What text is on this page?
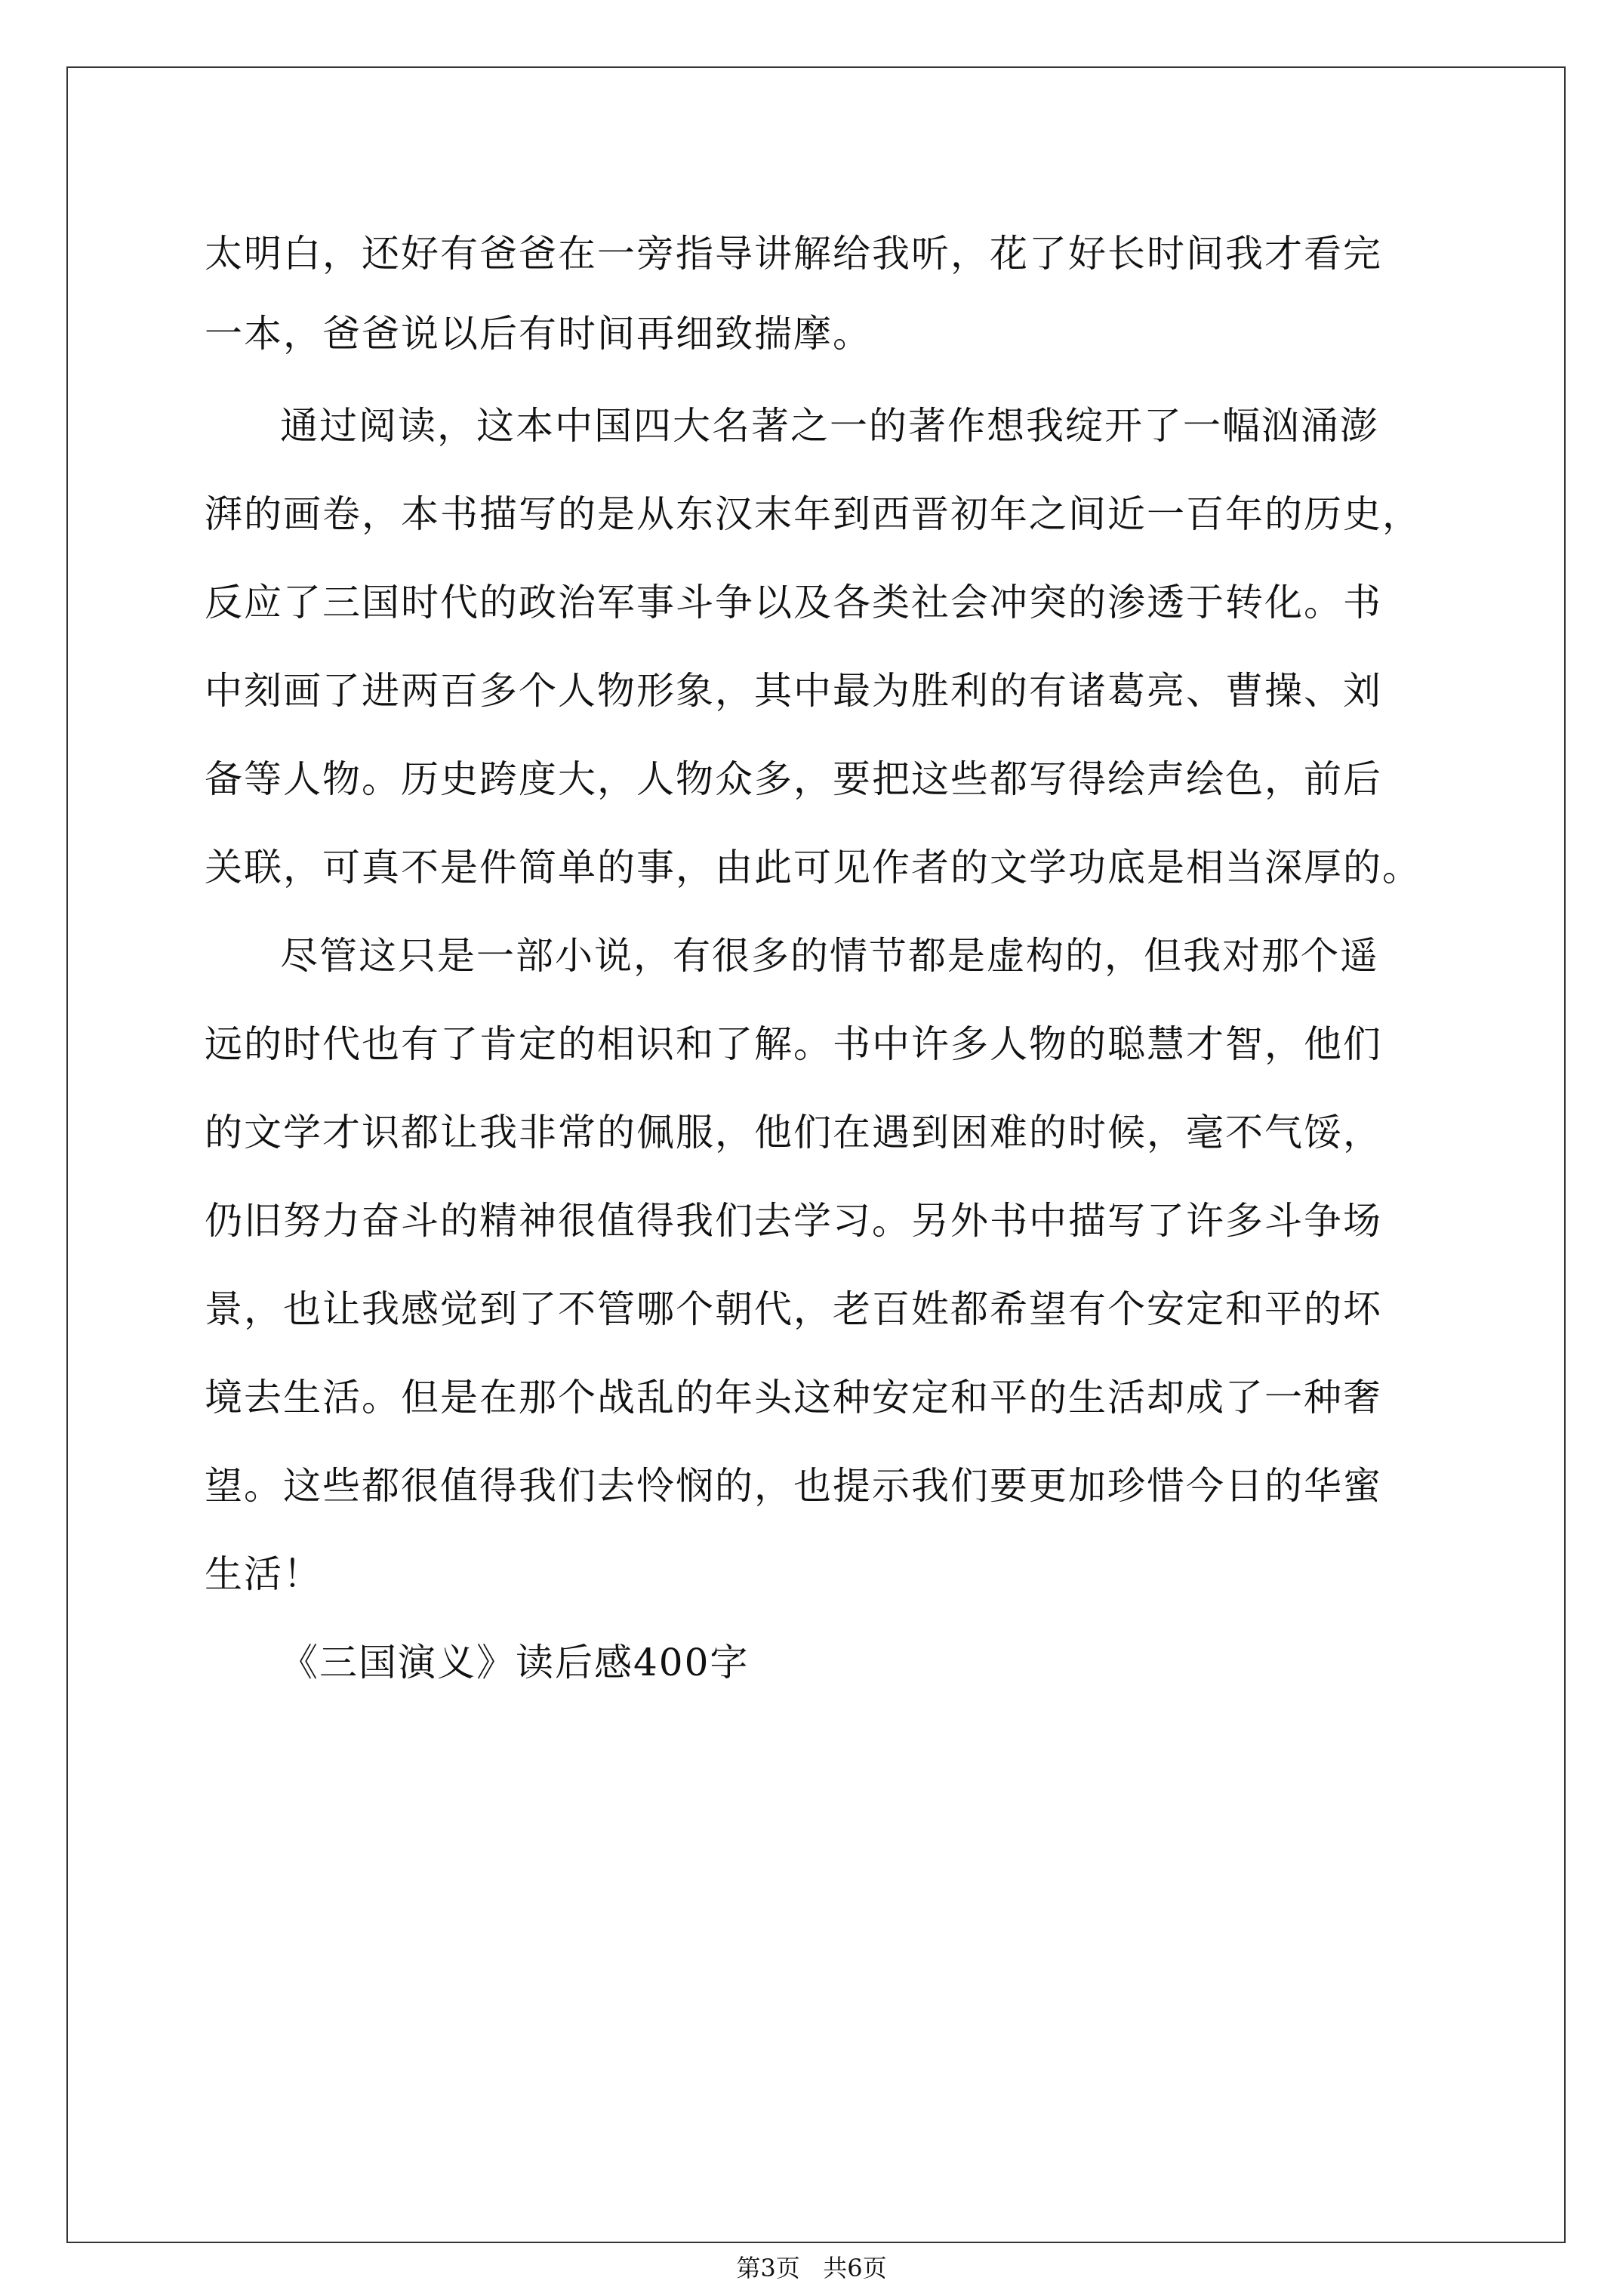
太明白，还好有爸爸在一旁指导讲解给我听，花了好长时间我才看完
一本，爸爸说以后有时间再细致揣摩。
通过阅读，这本中国四大名著之一的著作想我绽开了一幅汹涌澎
湃的画卷，本书描写的是从东汉末年到西晋初年之间近一百年的历史，
反应了三国时代的政治军事斗争以及各类社会冲突的渗透于转化。书
中刻画了进两百多个人物形象，其中最为胜利的有诸葛亮、曹操、刘
备等人物。历史跨度大，人物众多，要把这些都写得绘声绘色，前后
关联，可真不是件简单的事，由此可见作者的文学功底是相当深厚的。
尽管这只是一部小说，有很多的情节都是虚构的，但我对那个遥
远的时代也有了肯定的相识和了解。书中许多人物的聪慧才智，他们
的文学才识都让我非常的佩服，他们在遇到困难的时候，毫不气馁，
仍旧努力奋斗的精神很值得我们去学习。另外书中描写了许多斗争场
景，也让我感觉到了不管哪个朝代，老百姓都希望有个安定和平的坏
境去生活。但是在那个战乱的年头这种安定和平的生活却成了一种奢
望。这些都很值得我们去怜悯的，也提示我们要更加珍惜今日的华蜜
生活！
《三国演义》读后感400字
第3页   共6页
